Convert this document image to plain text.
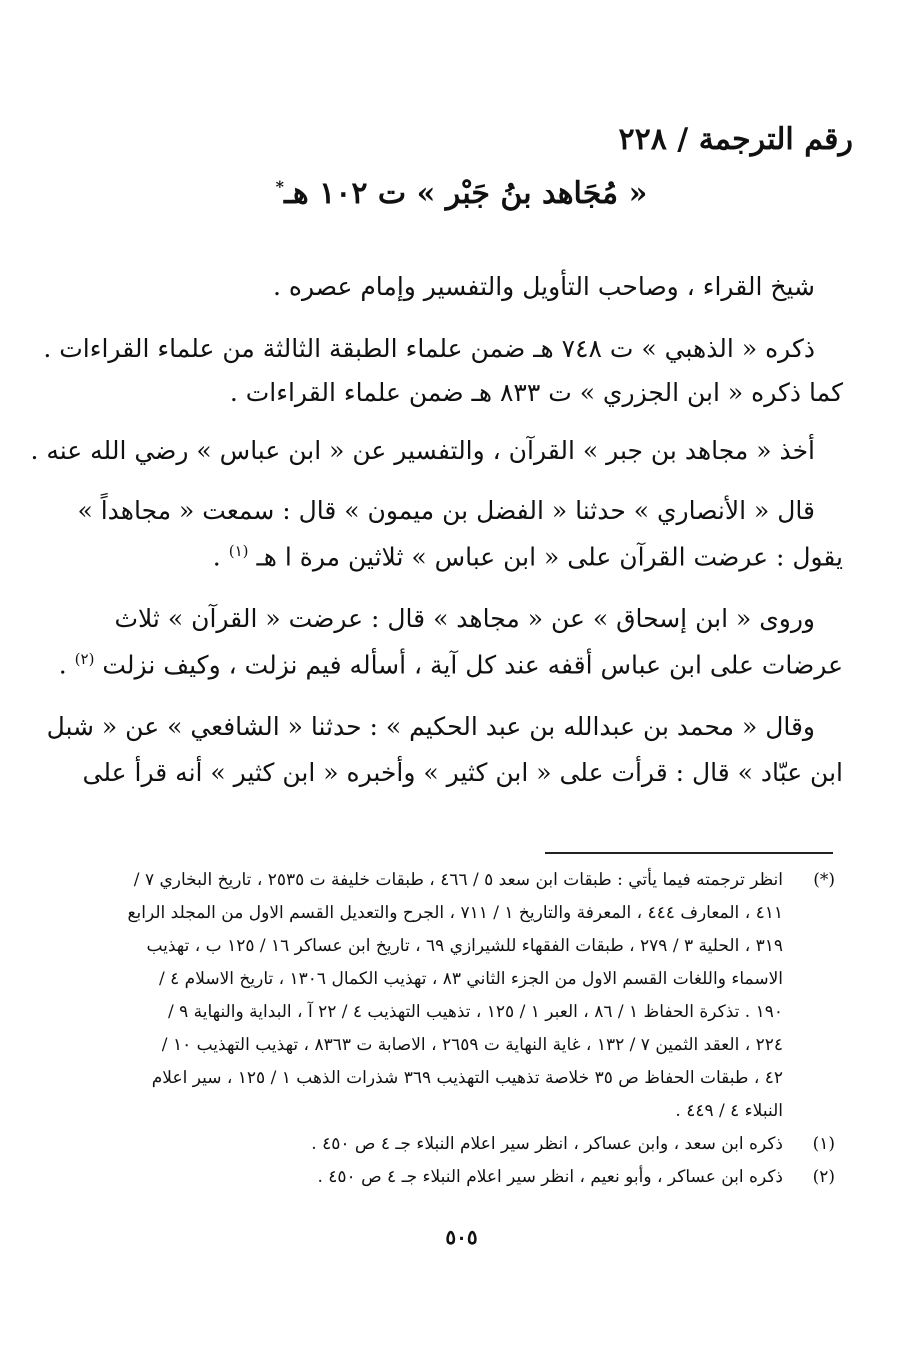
رقم الترجمة / ٢٢٨
« مُجَاهد بنُ جَبْر » ت ١٠٢ هـ*
شيخ القراء ، وصاحب التأويل والتفسير وإمام عصره .
ذكره « الذهبي » ت ٧٤٨ هـ ضمن علماء الطبقة الثالثة من علماء القراءات .
كما ذكره « ابن الجزري » ت ٨٣٣ هـ ضمن علماء القراءات .
أخذ « مجاهد بن جبر » القرآن ، والتفسير عن « ابن عباس » رضي الله عنه .
قال « الأنصاري » حدثنا « الفضل بن ميمون » قال : سمعت « مجاهداً »
يقول : عرضت القرآن على « ابن عباس » ثلاثين مرة ا هـ $^{(١)}$ .
وروى « ابن إسحاق » عن « مجاهد » قال : عرضت « القرآن » ثلاث
عرضات على ابن عباس أقفه عند كل آية ، أسأله فيم نزلت ، وكيف نزلت $^{(٢)}$ .
وقال « محمد بن عبدالله بن عبد الحكيم » : حدثنا « الشافعي » عن « شبل
ابن عبّاد » قال : قرأت على « ابن كثير » وأخبره « ابن كثير » أنه قرأ على
(*)
انظر ترجمته فيما يأتي : طبقات ابن سعد ٥ / ٤٦٦ ، طبقات خليفة ت ٢٥٣٥ ، تاريخ البخاري ٧ /
٤١١ ، المعارف ٤٤٤ ، المعرفة والتاريخ ١ / ٧١١ ، الجرح والتعديل القسم الاول من المجلد الرابع
٣١٩ ، الحلية ٣ / ٢٧٩ ، طبقات الفقهاء للشيرازي ٦٩ ، تاريخ ابن عساكر ١٦ / ١٢٥ ب ، تهذيب
الاسماء واللغات القسم الاول من الجزء الثاني ٨٣ ، تهذيب الكمال ١٣٠٦ ، تاريخ الاسلام ٤ /
١٩٠ . تذكرة الحفاظ ١ / ٨٦ ، العبر ١ / ١٢٥ ، تذهيب التهذيب ٤ / ٢٢ آ ، البداية والنهاية ٩ /
٢٢٤ ، العقد الثمين ٧ / ١٣٢ ، غاية النهاية ت ٢٦٥٩ ، الاصابة ت ٨٣٦٣ ، تهذيب التهذيب ١٠ /
٤٢ ، طبقات الحفاظ ص ٣٥ خلاصة تذهيب التهذيب ٣٦٩ شذرات الذهب ١ / ١٢٥ ، سير اعلام
النبلاء ٤ / ٤٤٩ .
(١)
ذكره ابن سعد ، وابن عساكر ، انظر سير اعلام النبلاء جـ ٤ ص ٤٥٠ .
(٢)
ذكره ابن عساكر ، وأبو نعيم ، انظر سير اعلام النبلاء جـ ٤ ص ٤٥٠ .
٥٠٥
